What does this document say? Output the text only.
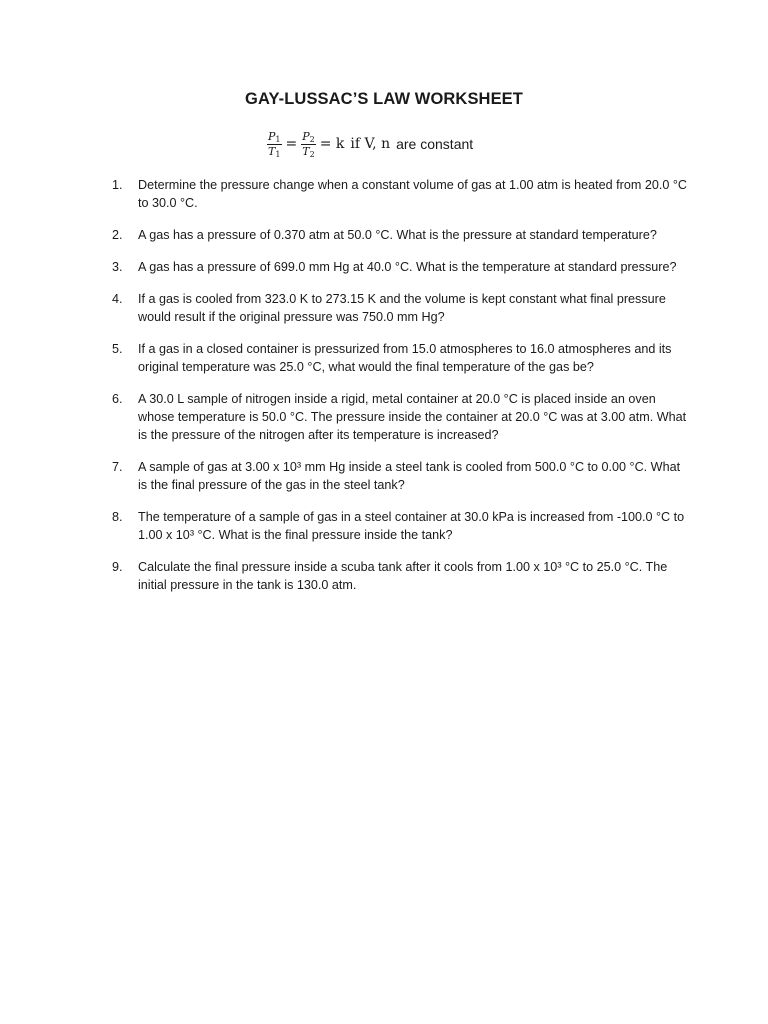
GAY-LUSSAC’S LAW WORKSHEET
$\frac{P_1}{T_1} = \frac{P_2}{T_2} = k$ if V, n are constant
1.	Determine the pressure change when a constant volume of gas at 1.00 atm is heated from 20.0 °C to 30.0 °C.
2.	A gas has a pressure of 0.370 atm at 50.0 °C. What is the pressure at standard temperature?
3.	A gas has a pressure of 699.0 mm Hg at 40.0 °C. What is the temperature at standard pressure?
4.	If a gas is cooled from 323.0 K to 273.15 K and the volume is kept constant what final pressure would result if the original pressure was 750.0 mm Hg?
5.	If a gas in a closed container is pressurized from 15.0 atmospheres to 16.0 atmospheres and its original temperature was 25.0 °C, what would the final temperature of the gas be?
6.	A 30.0 L sample of nitrogen inside a rigid, metal container at 20.0 °C is placed inside an oven whose temperature is 50.0 °C. The pressure inside the container at 20.0 °C was at 3.00 atm. What is the pressure of the nitrogen after its temperature is increased?
7.	A sample of gas at 3.00 x 10³ mm Hg inside a steel tank is cooled from 500.0 °C to 0.00 °C. What is the final pressure of the gas in the steel tank?
8.	The temperature of a sample of gas in a steel container at 30.0 kPa is increased from -100.0 °C to 1.00 x 10³ °C. What is the final pressure inside the tank?
9.	Calculate the final pressure inside a scuba tank after it cools from 1.00 x 10³ °C to 25.0 °C. The initial pressure in the tank is 130.0 atm.
